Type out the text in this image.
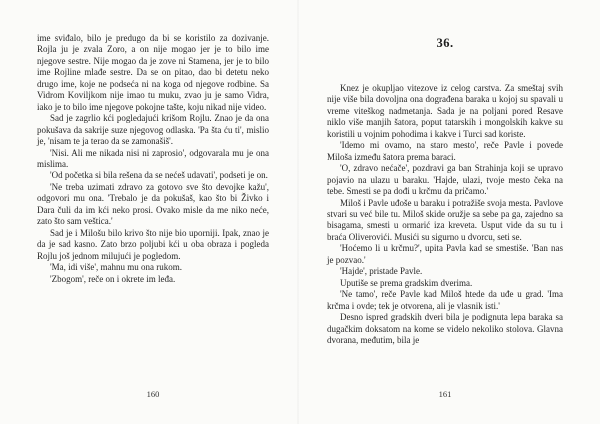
ime sviđalo, bilo je predugo da bi se koristilo za dozivanje. Rojla ju je zvala Zoro, a on nije mogao jer je to bilo ime njegove sestre. Nije mogao da je zove ni Stamena, jer je to bilo ime Rojline mlađe sestre. Da se on pitao, dao bi detetu neko drugo ime, koje ne podseća ni na koga od njegove rodbine. Sa Vidrom Koviljkom nije imao tu muku, zvao ju je samo Vidra, iako je to bilo ime njegove pokojne tašte, koju nikad nije video.

Sad je zagrlio kći pogledajući krišom Rojlu. Znao je da ona pokušava da sakrije suze njegovog odlaska. 'Pa šta ću ti', mislio je, 'nisam te ja terao da se zamonašiš'.

'Nisi. Ali me nikada nisi ni zaprosio', odgovarala mu je ona mislima.

'Od početka si bila rešena da se nećeš udavati', podseti je on.

'Ne treba uzimati zdravo za gotovo sve što devojke kažu', odgovori mu ona. 'Trebalo je da pokušaš, kao što bi Živko i Dara čuli da im kći neko prosi. Ovako misle da me niko neće, zato što sam veštica.'

Sad je i Milošu bilo krivo što nije bio uporniji. Ipak, znao je da je sad kasno. Zato brzo poljubi kći u oba obraza i pogleda Rojlu još jednom milujući je pogledom.

'Ma, idi više', mahnu mu ona rukom.

'Zbogom', reče on i okrete im leđa.

160
36.

Knez je okupljao vitezove iz celog carstva. Za smeštaj svih nije više bila dovoljna ona dograđena baraka u kojoj su spavali u vreme viteškog nadmetanja. Sada je na poljani pored Resave niklo više manjih šatora, poput tatarskih i mongolskih kakve su koristili u vojnim pohodima i kakve i Turci sad koriste.

'Idemo mi ovamo, na staro mesto', reče Pavle i povede Miloša između šatora prema baraci.

'O, zdravo nećače', pozdravi ga ban Strahinja koji se upravo pojavio na ulazu u baraku. 'Hajde, ulazi, tvoje mesto čeka na tebe. Smesti se pa dođi u krčmu da pričamo.'

Miloš i Pavle uđoše u baraku i potražiše svoja mesta. Pavlove stvari su već bile tu. Miloš skide oružje sa sebe pa ga, zajedno sa bisagama, smesti u ormarić iza kreveta. Usput vide da su tu i braća Oliverovići. Musići su sigurno u dvorcu, seti se.

'Hoćemo li u krčmu?', upita Pavla kad se smestiše. 'Ban nas je pozvao.'

'Hajde', pristade Pavle.

Uputiše se prema gradskim dverima.

'Ne tamo', reče Pavle kad Miloš htede da uđe u grad. 'Ima krčma i ovde; tek je otvorena, ali je vlasnik isti.'

Desno ispred gradskih dveri bila je podignuta lepa baraka sa dugačkim doksatom na kome se videlo nekoliko stolova. Glavna dvorana, međutim, bila je

161
